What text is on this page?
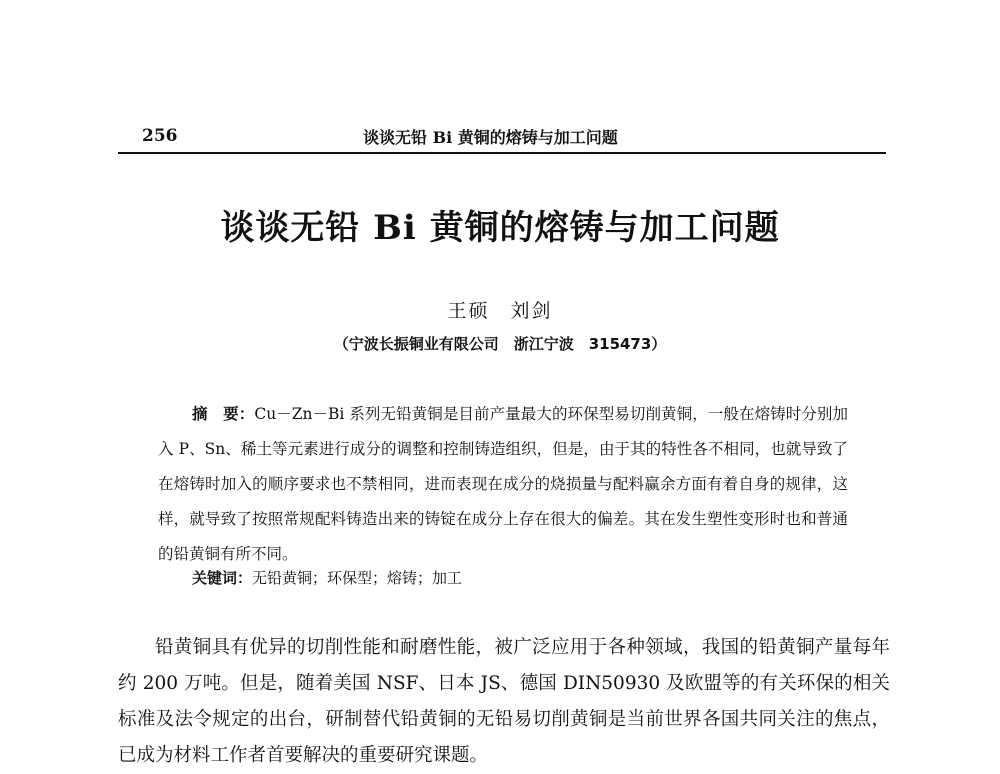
256	谈谈无铅 Bi 黄铜的熔铸与加工问题
谈谈无铅 Bi 黄铜的熔铸与加工问题
王硕　刘剑
（宁波长振铜业有限公司　浙江宁波　315473）
摘　要：Cu－Zn－Bi 系列无铅黄铜是目前产量最大的环保型易切削黄铜，一般在熔铸时分别加入 P、Sn、稀土等元素进行成分的调整和控制铸造组织，但是，由于其的特性各不相同，也就导致了在熔铸时加入的顺序要求也不禁相同，进而表现在成分的烧损量与配料赢余方面有着自身的规律，这样，就导致了按照常规配料铸造出来的铸锭在成分上存在很大的偏差。其在发生塑性变形时也和普通的铅黄铜有所不同。
关键词：无铅黄铜；环保型；熔铸；加工
铅黄铜具有优异的切削性能和耐磨性能，被广泛应用于各种领域，我国的铅黄铜产量每年约 200 万吨。但是，随着美国 NSF、日本 JS、德国 DIN50930 及欧盟等的有关环保的相关标准及法令规定的出台，研制替代铅黄铜的无铅易切削黄铜是当前世界各国共同关注的焦点，已成为材料工作者首要解决的重要研究课题。
